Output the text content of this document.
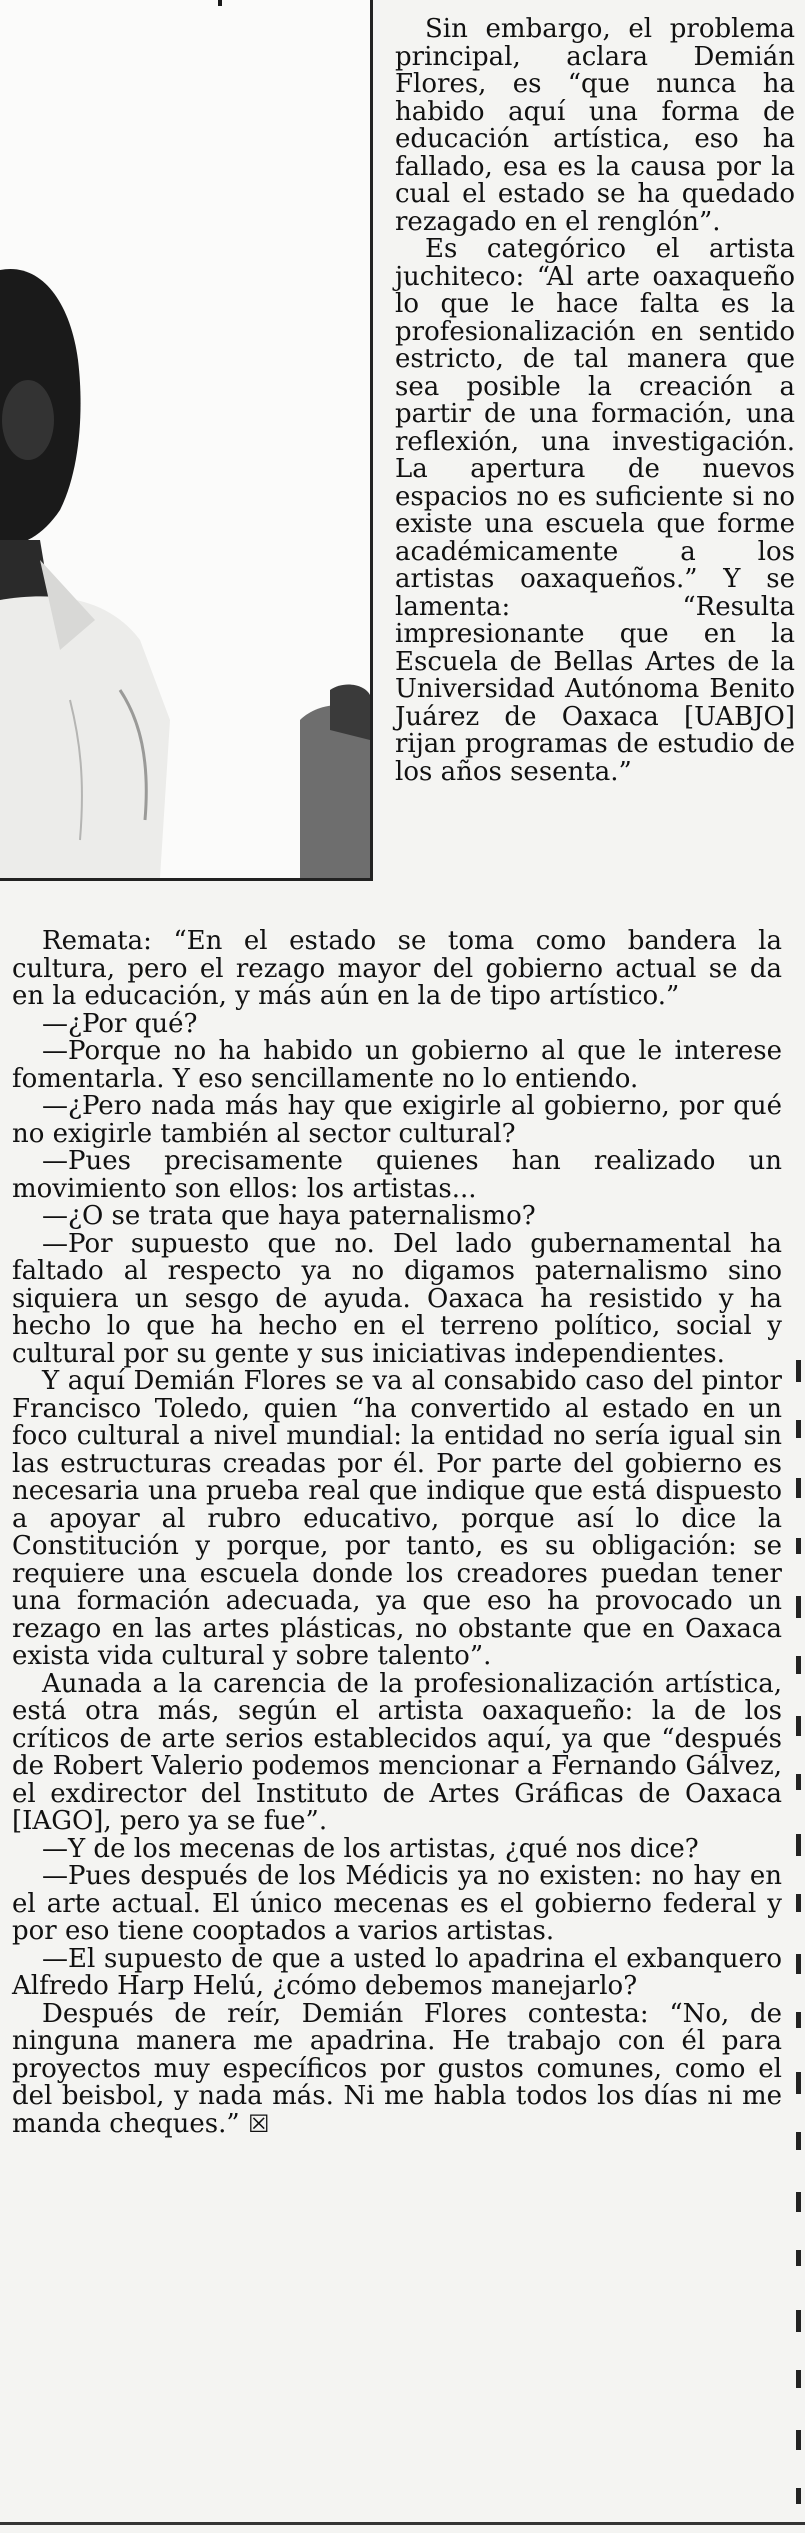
Sin embargo, el problema principal, aclara Demián Flores, es “que nunca ha habido aquí una forma de educación artística, eso ha fallado, esa es la causa por la cual el estado se ha quedado rezagado en el renglón”.

Es categórico el artista juchiteco: “Al arte oaxaqueño lo que le hace falta es la profesionalización en sentido estricto, de tal manera que sea posible la creación a partir de una formación, una reflexión, una investigación. La apertura de nuevos espacios no es suficiente si no existe una escuela que forme académicamente a los artistas oaxaqueños.” Y se lamenta: “Resulta impresionante que en la Escuela de Bellas Artes de la Universidad Autónoma Benito Juárez de Oaxaca [UABJO] rijan programas de estudio de los años sesenta.”

Remata: “En el estado se toma como bandera la cultura, pero el rezago mayor del gobierno actual se da en la educación, y más aún en la de tipo artístico.”

—¿Por qué?

—Porque no ha habido un gobierno al que le interese fomentarla. Y eso sencillamente no lo entiendo.

—¿Pero nada más hay que exigirle al gobierno, por qué no exigirle también al sector cultural?

—Pues precisamente quienes han realizado un movimiento son ellos: los artistas...

—¿O se trata que haya paternalismo?

—Por supuesto que no. Del lado gubernamental ha faltado al respecto ya no digamos paternalismo sino siquiera un sesgo de ayuda. Oaxaca ha resistido y ha hecho lo que ha hecho en el terreno político, social y cultural por su gente y sus iniciativas independientes.

Y aquí Demián Flores se va al consabido caso del pintor Francisco Toledo, quien “ha convertido al estado en un foco cultural a nivel mundial: la entidad no sería igual sin las estructuras creadas por él. Por parte del gobierno es necesaria una prueba real que indique que está dispuesto a apoyar al rubro educativo, porque así lo dice la Constitución y porque, por tanto, es su obligación: se requiere una escuela donde los creadores puedan tener una formación adecuada, ya que eso ha provocado un rezago en las artes plásticas, no obstante que en Oaxaca exista vida cultural y sobre talento”.

Aunada a la carencia de la profesionalización artística, está otra más, según el artista oaxaqueño: la de los críticos de arte serios establecidos aquí, ya que “después de Robert Valerio podemos mencionar a Fernando Gálvez, el exdirector del Instituto de Artes Gráficas de Oaxaca [IAGO], pero ya se fue”.

—Y de los mecenas de los artistas, ¿qué nos dice?

—Pues después de los Médicis ya no existen: no hay en el arte actual. El único mecenas es el gobierno federal y por eso tiene cooptados a varios artistas.

—El supuesto de que a usted lo apadrina el exbanquero Alfredo Harp Helú, ¿cómo debemos manejarlo?

Después de reír, Demián Flores contesta: “No, de ninguna manera me apadrina. He trabajo con él para proyectos muy específicos por gustos comunes, como el del beisbol, y nada más. Ni me habla todos los días ni me manda cheques.” ☒
